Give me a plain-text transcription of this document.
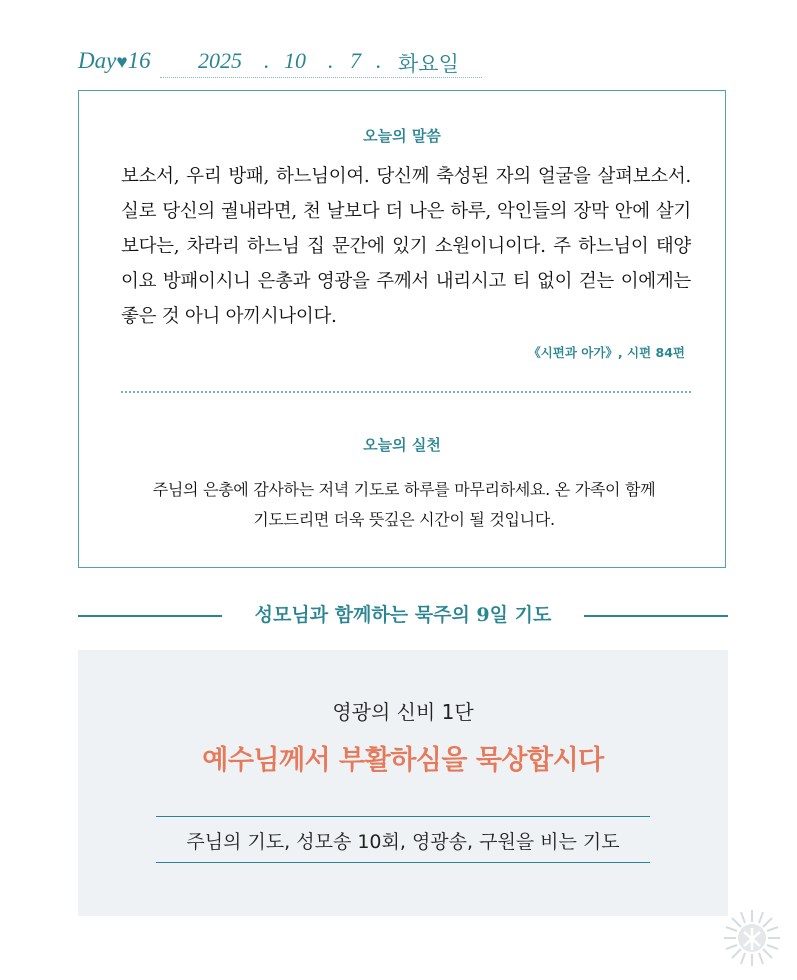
Day♥16 2025 . 10 . 7 . 화요일
오늘의 말씀
보소서, 우리 방패, 하느님이여. 당신께 축성된 자의 얼굴을 살펴보소서. 실로 당신의 궐내라면, 천 날보다 더 나은 하루, 악인들의 장막 안에 살기보다는, 차라리 하느님 집 문간에 있기 소원이니이다. 주 하느님이 태양이요 방패이시니 은총과 영광을 주께서 내리시고 티 없이 걷는 이에게는 좋은 것 아니 아끼시나이다.
《시편과 아가》, 시편 84편
오늘의 실천
주님의 은총에 감사하는 저녁 기도로 하루를 마무리하세요. 온 가족이 함께
기도드리면 더욱 뜻깊은 시간이 될 것입니다.
성모님과 함께하는 묵주의 9일 기도
영광의 신비 1단
예수님께서 부활하심을 묵상합시다
주님의 기도, 성모송 10회, 영광송, 구원을 비는 기도
